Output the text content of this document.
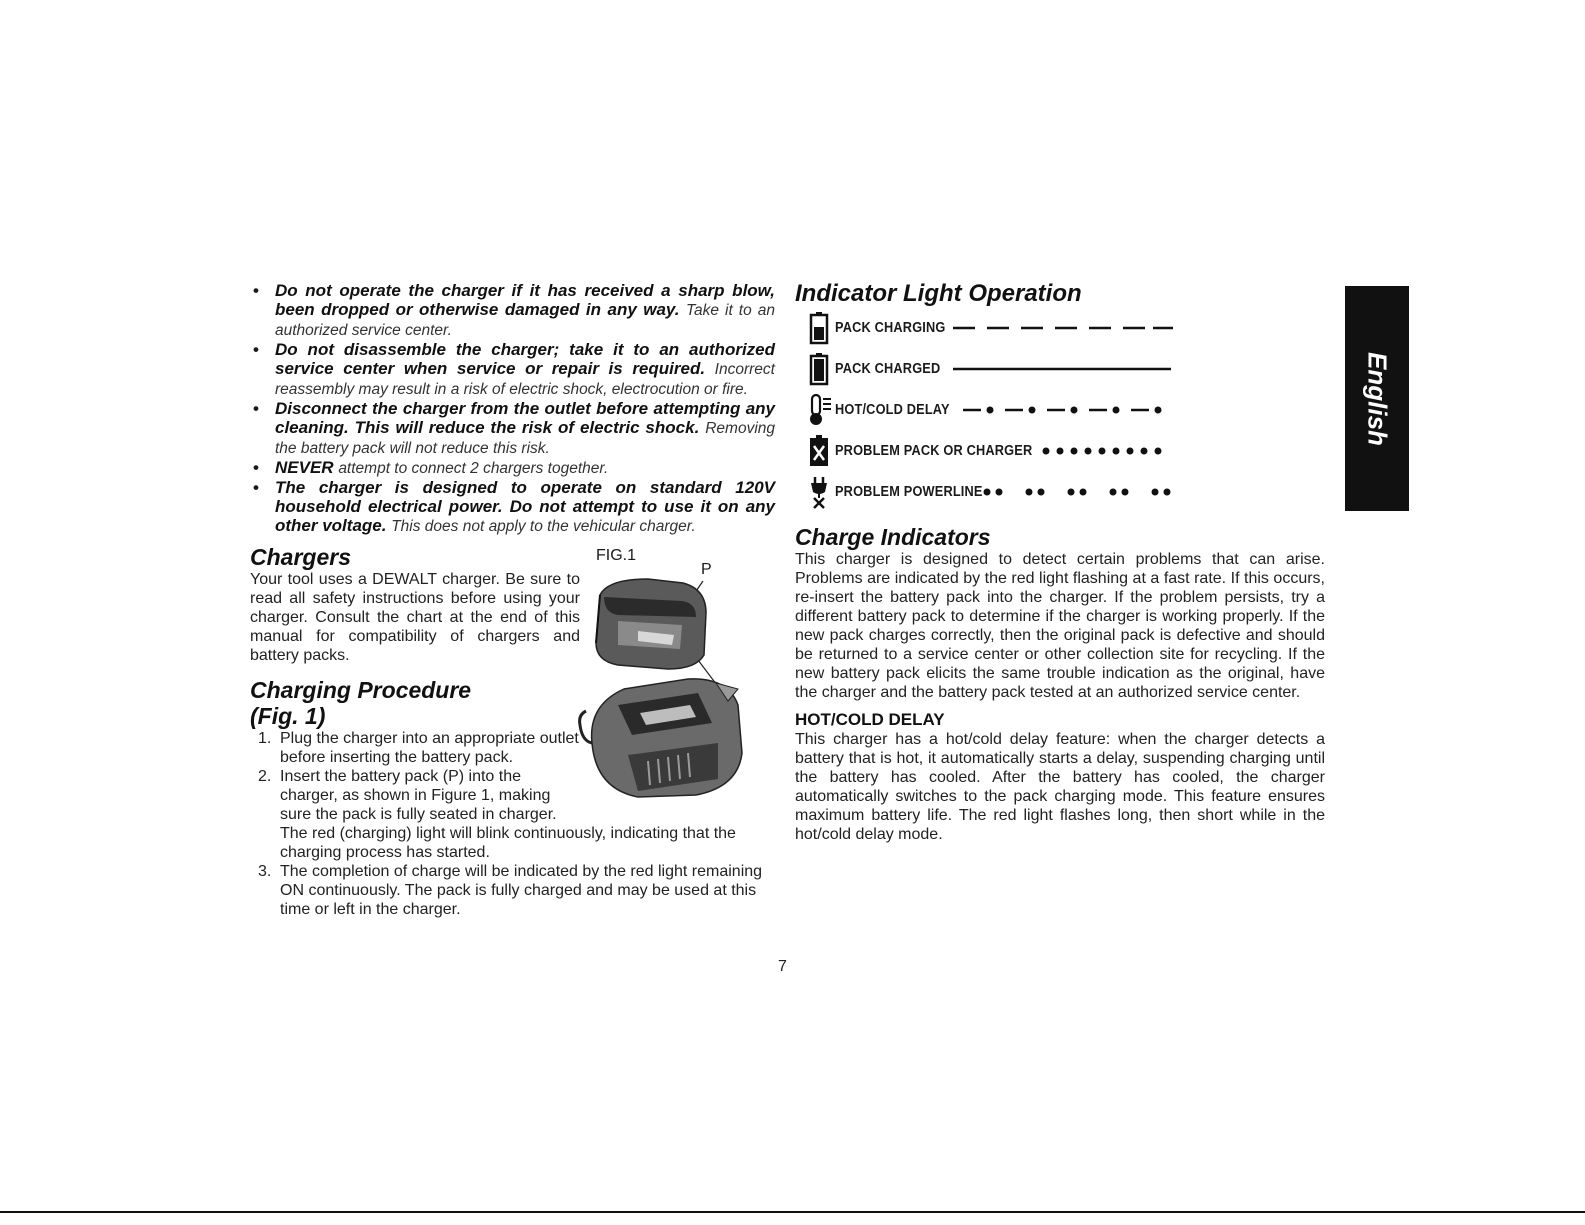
• Do not operate the charger if it has received a sharp blow, been dropped or otherwise damaged in any way. Take it to an authorized service center.
• Do not disassemble the charger; take it to an authorized service center when service or repair is required. Incorrect reassembly may result in a risk of electric shock, electrocution or fire.
• Disconnect the charger from the outlet before attempting any cleaning. This will reduce the risk of electric shock. Removing the battery pack will not reduce this risk.
• NEVER attempt to connect 2 chargers together.
• The charger is designed to operate on standard 120V household electrical power. Do not attempt to use it on any other voltage. This does not apply to the vehicular charger.
Chargers

Your tool uses a DEWALT charger. Be sure to read all safety instructions before using your charger. Consult the chart at the end of this manual for compatibility of chargers and battery packs.

Charging Procedure
(Fig. 1)
1. Plug the charger into an appropriate outlet before inserting the battery pack.
2. Insert the battery pack (P) into the charger, as shown in Figure 1, making sure the pack is fully seated in charger.
The red (charging) light will blink continuously, indicating that the charging process has started.
3. The completion of charge will be indicated by the red light remaining ON continuously. The pack is fully charged and may be used at this time or left in the charger.
FIG.1
P
Indicator Light Operation
PACK CHARGING
PACK CHARGED
HOT/COLD DELAY
PROBLEM PACK OR CHARGER
PROBLEM POWERLINE
Charge Indicators

This charger is designed to detect certain problems that can arise. Problems are indicated by the red light flashing at a fast rate. If this occurs, re-insert the battery pack into the charger. If the problem persists, try a different battery pack to determine if the charger is working properly. If the new pack charges correctly, then the original pack is defective and should be returned to a service center or other collection site for recycling. If the new battery pack elicits the same trouble indication as the original, have the charger and the battery pack tested at an authorized service center.

HOT/COLD DELAY

This charger has a hot/cold delay feature: when the charger detects a battery that is hot, it automatically starts a delay, suspending charging until the battery has cooled. After the battery has cooled, the charger automatically switches to the pack charging mode. This feature ensures maximum battery life. The red light flashes long, then short while in the hot/cold delay mode.

English
7
